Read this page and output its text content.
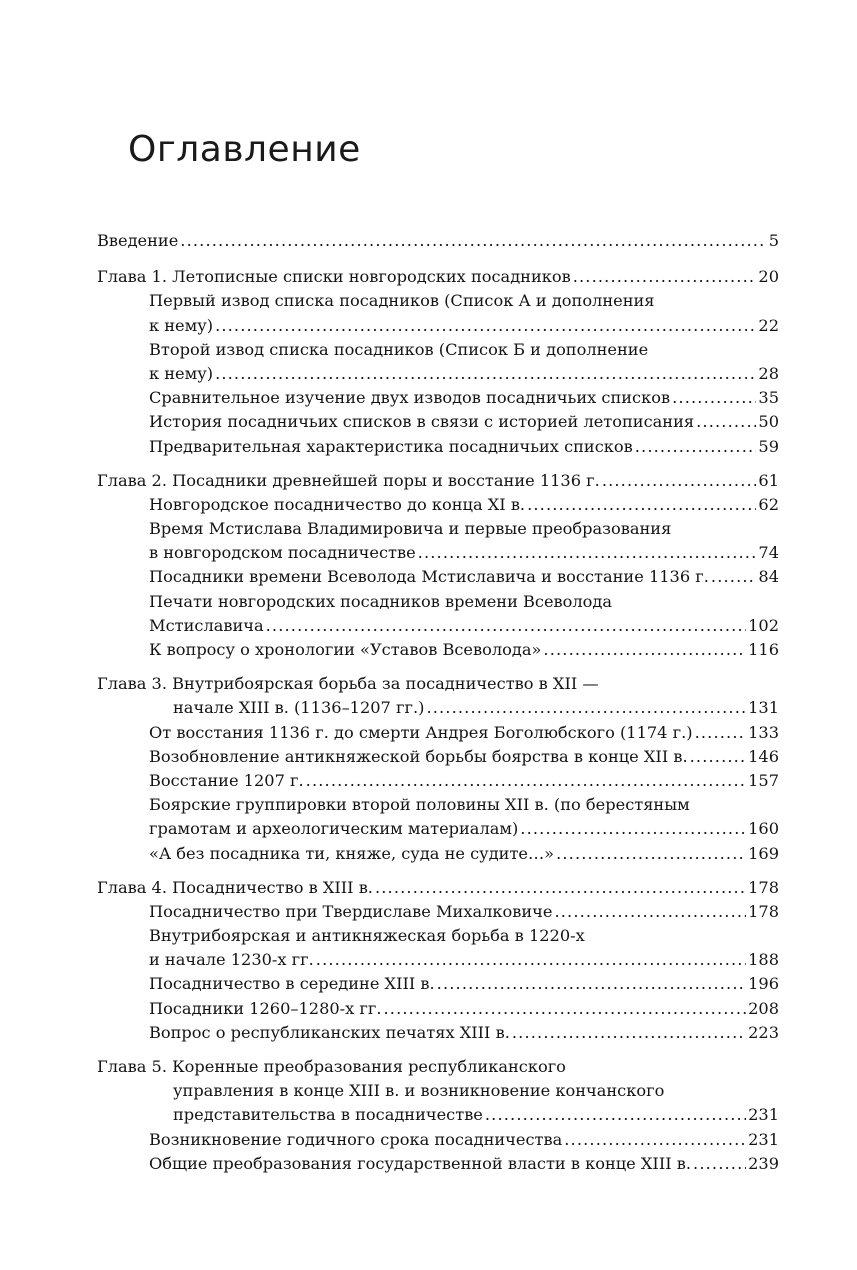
Оглавление
Введение . . .	5
Глава 1. Летописные списки новгородских посадников . . .	20
Первый извод списка посадников (Список А и дополнения
к нему) . . .	22
Второй извод списка посадников (Список Б и дополнение
к нему) . . .	28
Сравнительное изучение двух изводов посадничьих списков . . .	35
История посадничьих списков в связи с историей летописания . . .	50
Предварительная характеристика посадничьих списков . . .	59
Глава 2. Посадники древнейшей поры и восстание 1136 г. . . .	61
Новгородское посадничество до конца XI в. . . .	62
Время Мстислава Владимировича и первые преобразования
в новгородском посадничестве . . .	74
Посадники времени Всеволода Мстиславича и восстание 1136 г. . . .	84
Печати новгородских посадников времени Всеволода
Мстиславича . . .	102
К вопросу о хронологии «Уставов Всеволода» . . .	116
Глава 3. Внутрибоярская борьба за посадничество в XII —
начале XIII в. (1136–1207 гг.) . . .	131
От восстания 1136 г. до смерти Андрея Боголюбского (1174 г.) . . .	133
Возобновление антикняжеской борьбы боярства в конце XII в. . . .	146
Восстание 1207 г. . . .	157
Боярские группировки второй половины XII в. (по берестяным
грамотам и археологическим материалам) . . .	160
«А без посадника ти, княже, суда не судите…» . . .	169
Глава 4. Посадничество в XIII в. . . .	178
Посадничество при Твердиславе Михалковиче . . .	178
Внутрибоярская и антикняжеская борьба в 1220-х
и начале 1230-х гг. . . .	188
Посадничество в середине XIII в. . . .	196
Посадники 1260–1280-х гг. . . .	208
Вопрос о республиканских печатях XIII в. . . .	223
Глава 5. Коренные преобразования республиканского
управления в конце XIII в. и возникновение кончанского
представительства в посадничестве . . .	231
Возникновение годичного срока посадничества . . .	231
Общие преобразования государственной власти в конце XIII в. . . .	239
